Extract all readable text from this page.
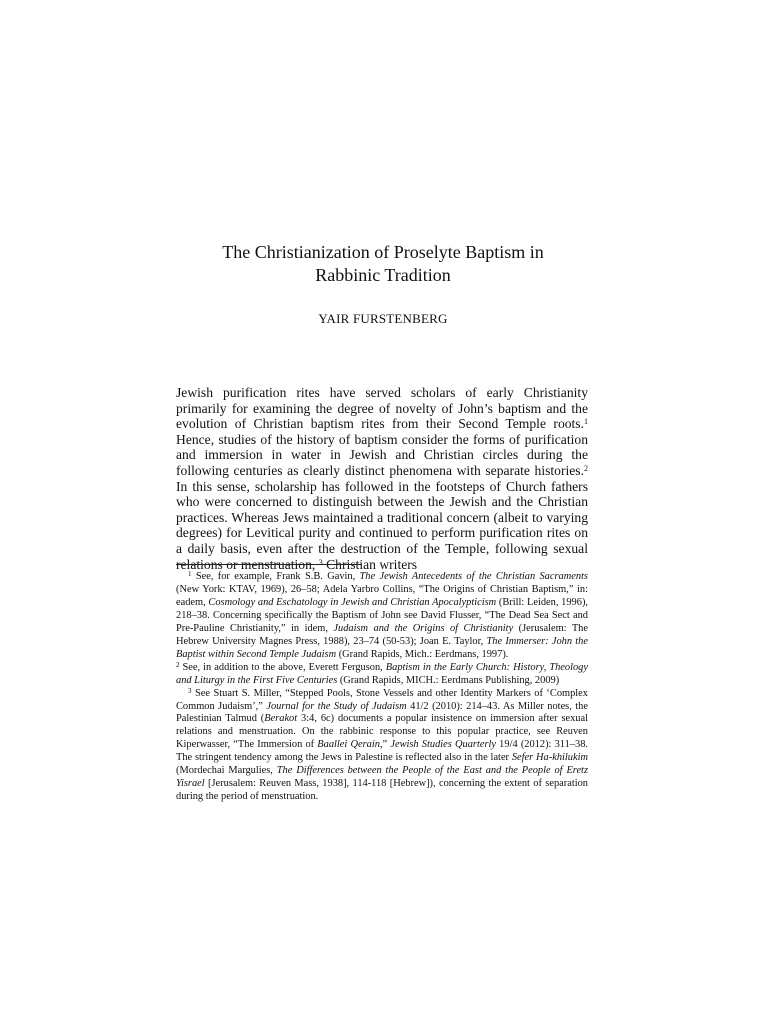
The Christianization of Proselyte Baptism in
Rabbinic Tradition
YAIR FURSTENBERG

Jewish purification rites have served scholars of early Christianity primarily for examining the degree of novelty of John’s baptism and the evolution of Christian baptism rites from their Second Temple roots.$^1$ Hence, studies of the history of baptism consider the forms of purification and immersion in water in Jewish and Christian circles during the following centuries as clearly distinct phenomena with separate histories.$^2$ In this sense, scholarship has followed in the footsteps of Church fathers who were concerned to distinguish between the Jewish and the Christian practices. Whereas Jews maintained a traditional concern (albeit to varying degrees) for Levitical purity and continued to perform purification rites on a daily basis, even after the destruction of the Temple, following sexual relations or menstruation, $^3$ Christian writers

$^1$ See, for example, Frank S.B. Gavin, The Jewish Antecedents of the Christian Sacraments (New York: KTAV, 1969), 26–58; Adela Yarbro Collins, “The Origins of Christian Baptism,” in: eadem, Cosmology and Eschatology in Jewish and Christian Apocalypticism (Brill: Leiden, 1996), 218–38. Concerning specifically the Baptism of John see David Flusser, “The Dead Sea Sect and Pre-Pauline Christianity,” in idem, Judaism and the Origins of Christianity (Jerusalem: The Hebrew University Magnes Press, 1988), 23–74 (50-53); Joan E. Taylor, The Immerser: John the Baptist within Second Temple Judaism (Grand Rapids, Mich.: Eerdmans, 1997).

$^2$ See, in addition to the above, Everett Ferguson, Baptism in the Early Church: History, Theology and Liturgy in the First Five Centuries (Grand Rapids, MICH.: Eerdmans Publishing, 2009)

$^3$ See Stuart S. Miller, “Stepped Pools, Stone Vessels and other Identity Markers of ‘Complex Common Judaism’,” Journal for the Study of Judaism 41/2 (2010): 214–43. As Miller notes, the Palestinian Talmud (Berakot 3:4, 6c) documents a popular insistence on immersion after sexual relations and menstruation. On the rabbinic response to this popular practice, see Reuven Kiperwasser, “The Immersion of Baallei Qerain,” Jewish Studies Quarterly 19/4 (2012): 311–38. The stringent tendency among the Jews in Palestine is reflected also in the later Sefer Ha-khilukim (Mordechai Margulies, The Differences between the People of the East and the People of Eretz Yisrael [Jerusalem: Reuven Mass, 1938], 114-118 [Hebrew]), concerning the extent of separation during the period of menstruation.
